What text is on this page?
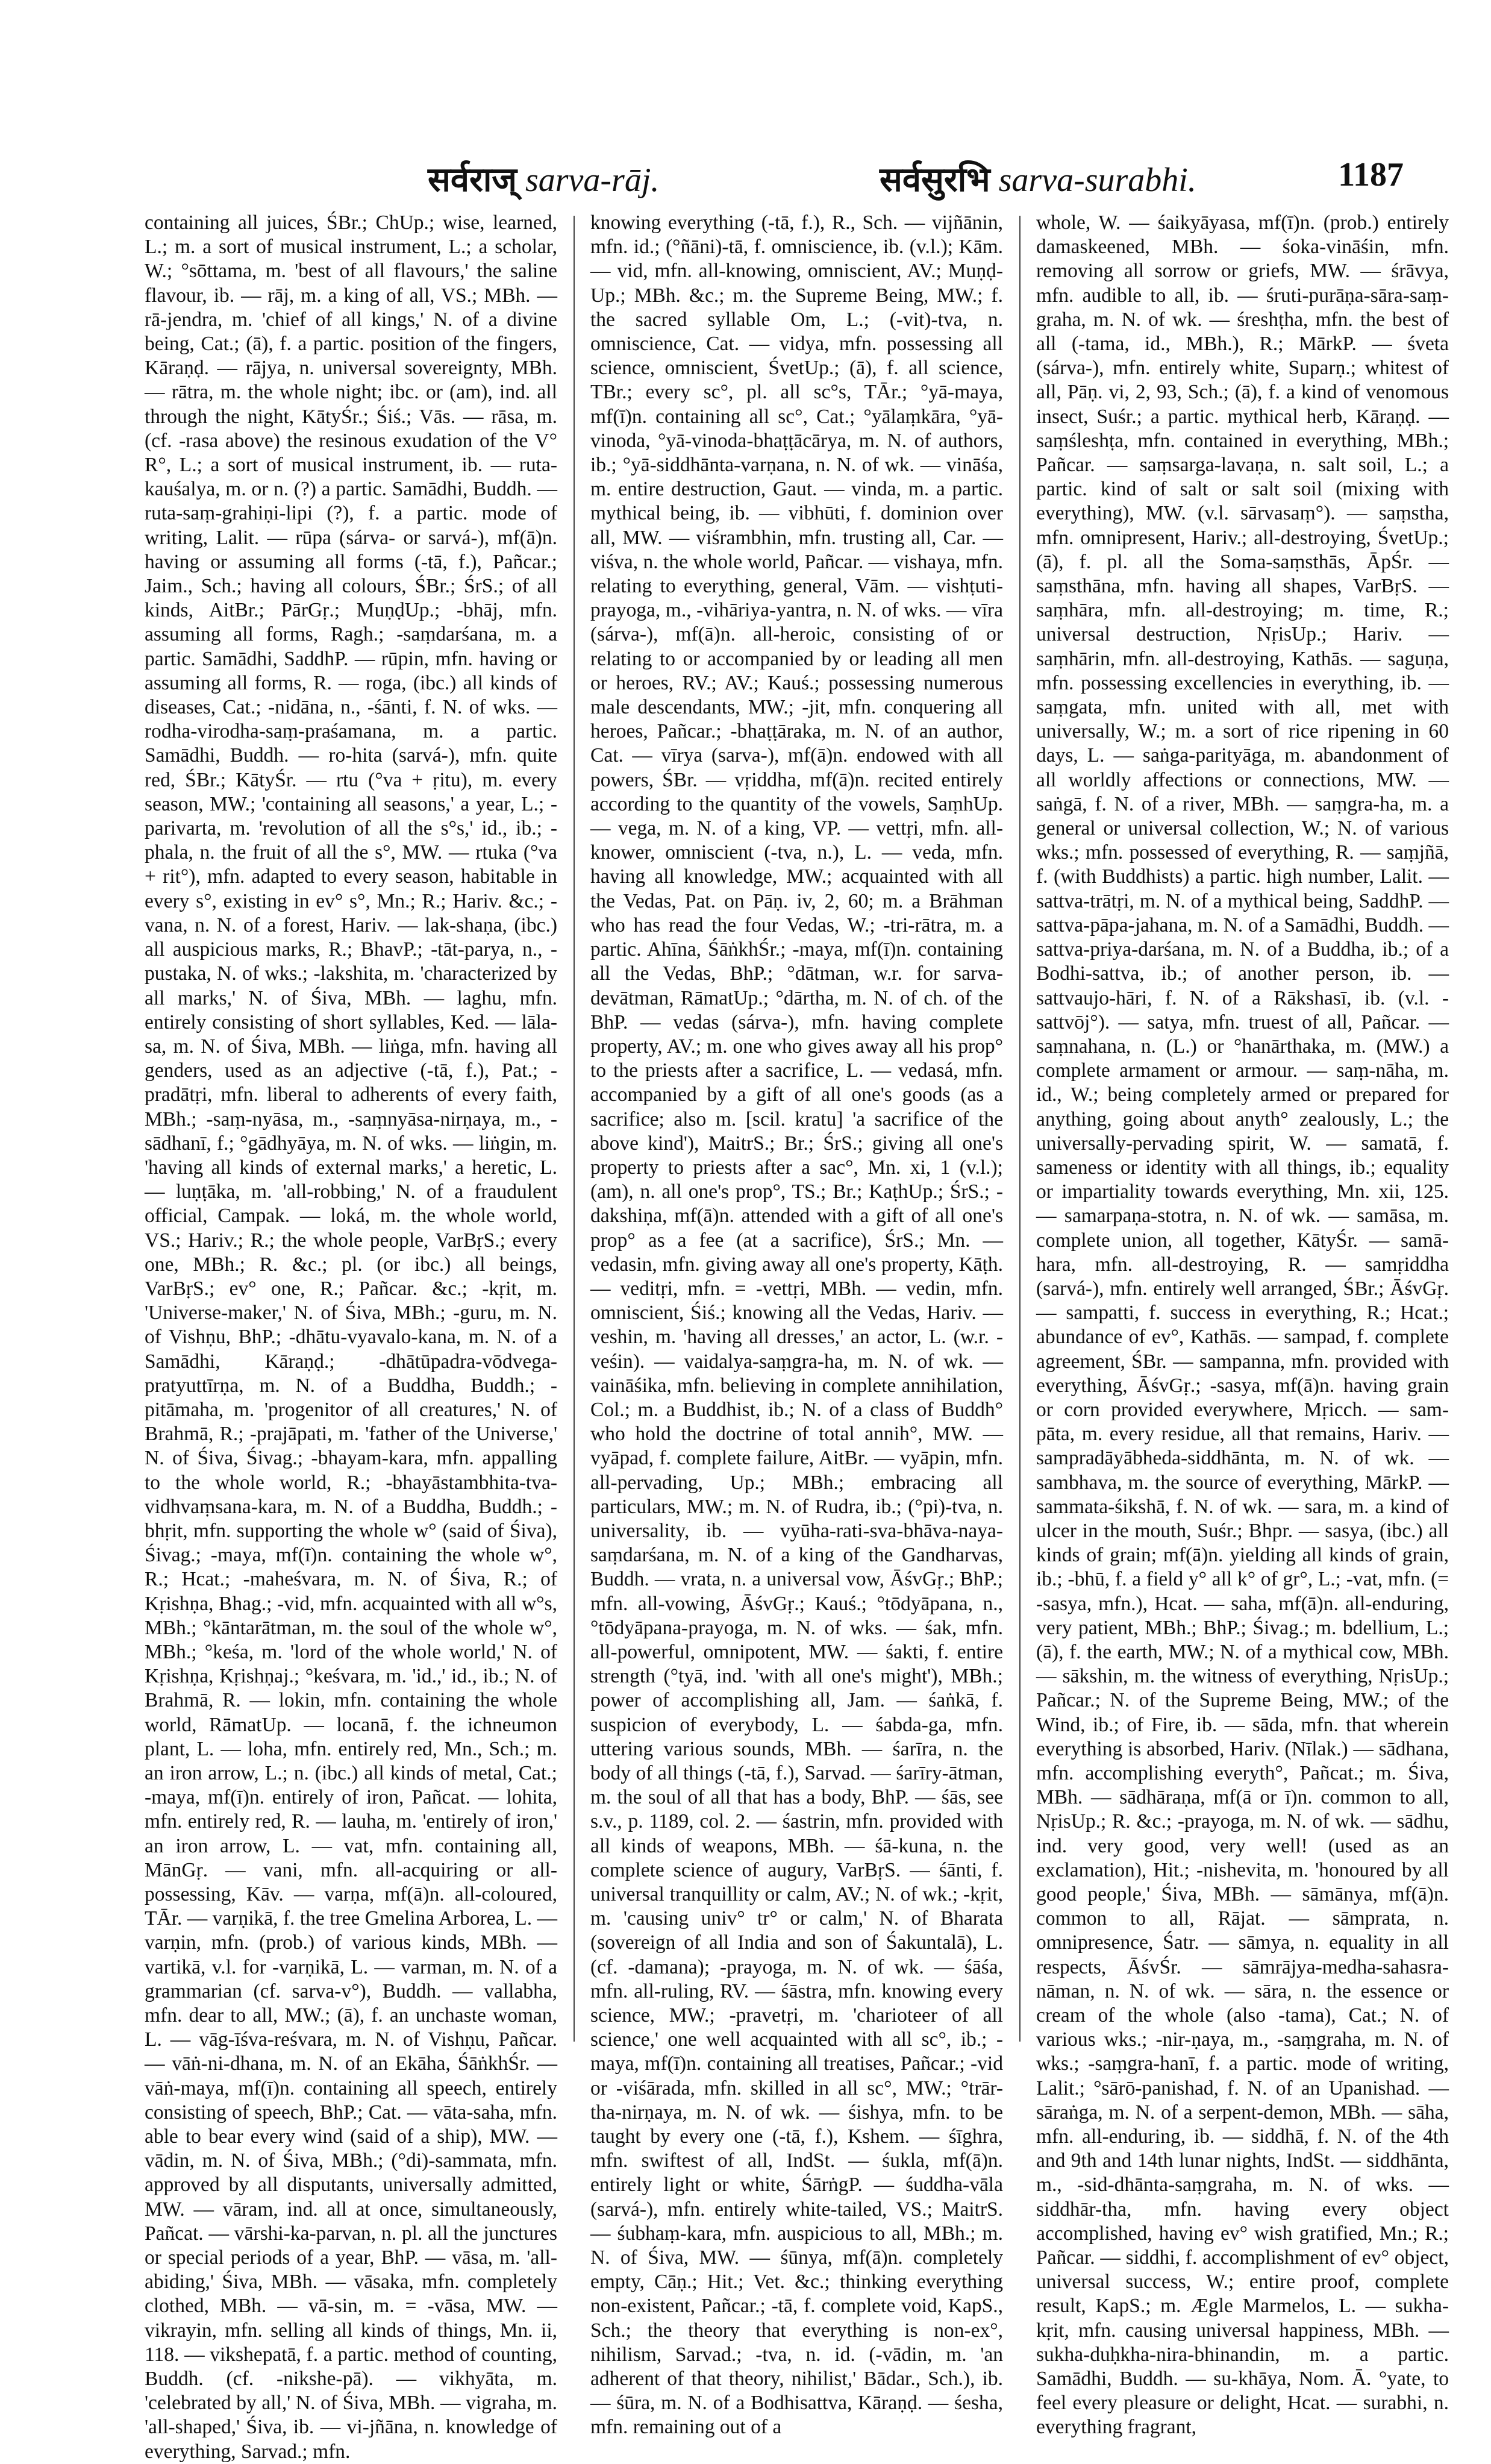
सर्वराज् sarva-rāj.	सर्वसुरभि sarva-surabhi.	1187

containing all juices, ŚBr.; ChUp.; wise, learned, L.; m. a sort of musical instrument, L.; a scholar, W.; °sōttama, m. 'best of all flavours,' the saline flavour, ib. — rāj, m. a king of all, VS.; MBh. — rā-jendra, m. 'chief of all kings,' N. of a divine being, Cat.; (ā), f. a partic. position of the fingers, Kāraṇḍ. — rājya, n. universal sovereignty, MBh. — rātra, m. the whole night; ibc. or (am), ind. all through the night, KātyŚr.; Śiś.; Vās. — rāsa, m. (cf. -rasa above) the resinous exudation of the V° R°, L.; a sort of musical instrument, ib. — ruta-kauśalya, m. or n. (?) a partic. Samādhi, Buddh. — ruta-saṃ-grahiṇi-lipi (?), f. a partic. mode of writing, Lalit. — rūpa (sárva- or sarvá-), mf(ā)n. having or assuming all forms (-tā, f.), Pañcar.; Jaim., Sch.; having all colours, ŚBr.; ŚrS.; of all kinds, AitBr.; PārGṛ.; MuṇḍUp.; -bhāj, mfn. assuming all forms, Ragh.; -saṃdarśana, m. a partic. Samādhi, SaddhP. — rūpin, mfn. having or assuming all forms, R. — roga, (ibc.) all kinds of diseases, Cat.; -nidāna, n., -śānti, f. N. of wks. — rodha-virodha-saṃ-praśamana, m. a partic. Samādhi, Buddh. — ro-hita (sarvá-), mfn. quite red, ŚBr.; KātyŚr. — rtu (°va + ṛitu), m. every season, MW.; 'containing all seasons,' a year, L.; -parivarta, m. 'revolution of all the s°s,' id., ib.; -phala, n. the fruit of all the s°, MW. — rtuka (°va + rit°), mfn. adapted to every season, habitable in every s°, existing in ev° s°, Mn.; R.; Hariv. &c.; -vana, n. N. of a forest, Hariv. — lak-shaṇa, (ibc.) all auspicious marks, R.; BhavP.; -tāt-parya, n., -pustaka, N. of wks.; -lakshita, m. 'characterized by all marks,' N. of Śiva, MBh. — laghu, mfn. entirely consisting of short syllables, Ked. — lāla-sa, m. N. of Śiva, MBh. — liṅga, mfn. having all genders, used as an adjective (-tā, f.), Pat.; -pradātṛi, mfn. liberal to adherents of every faith, MBh.; -saṃ-nyāsa, m., -saṃnyāsa-nirṇaya, m., -sādhanī, f.; °gādhyāya, m. N. of wks. — liṅgin, m. 'having all kinds of external marks,' a heretic, L. — luṇṭāka, m. 'all-robbing,' N. of a fraudulent official, Campak. — loká, m. the whole world, VS.; Hariv.; R.; the whole people, VarBṛS.; every one, MBh.; R. &c.; pl. (or ibc.) all beings, VarBṛS.; ev° one, R.; Pañcar. &c.; -kṛit, m. 'Universe-maker,' N. of Śiva, MBh.; -guru, m. N. of Vishṇu, BhP.; -dhātu-vyavalo-kana, m. N. of a Samādhi, Kāraṇḍ.; -dhātūpadra-vōdvega-pratyuttīrṇa, m. N. of a Buddha, Buddh.; -pitāmaha, m. 'progenitor of all creatures,' N. of Brahmā, R.; -prajāpati, m. 'father of the Universe,' N. of Śiva, Śivag.; -bhayam-kara, mfn. appalling to the whole world, R.; -bhayāstambhita-tva-vidhvaṃsana-kara, m. N. of a Buddha, Buddh.; -bhṛit, mfn. supporting the whole w° (said of Śiva), Śivag.; -maya, mf(ī)n. containing the whole w°, R.; Hcat.; -maheśvara, m. N. of Śiva, R.; of Kṛishṇa, Bhag.; -vid, mfn. acquainted with all w°s, MBh.; °kāntarātman, m. the soul of the whole w°, MBh.; °keśa, m. 'lord of the whole world,' N. of Kṛishṇa, Kṛishṇaj.; °keśvara, m. 'id.,' id., ib.; N. of Brahmā, R. — lokin, mfn. containing the whole world, RāmatUp. — locanā, f. the ichneumon plant, L. — loha, mfn. entirely red, Mn., Sch.; m. an iron arrow, L.; n. (ibc.) all kinds of metal, Cat.; -maya, mf(ī)n. entirely of iron, Pañcat. — lohita, mfn. entirely red, R. — lauha, m. 'entirely of iron,' an iron arrow, L. — vat, mfn. containing all, MānGṛ. — vani, mfn. all-acquiring or all-possessing, Kāv. — varṇa, mf(ā)n. all-coloured, TĀr. — varṇikā, f. the tree Gmelina Arborea, L. — varṇin, mfn. (prob.) of various kinds, MBh. — vartikā, v.l. for -varṇikā, L. — varman, m. N. of a grammarian (cf. sarva-v°), Buddh. — vallabha, mfn. dear to all, MW.; (ā), f. an unchaste woman, L. — vāg-īśva-reśvara, m. N. of Vishṇu, Pañcar. — vāṅ-ni-dhana, m. N. of an Ekāha, ŚāṅkhŚr. — vāṅ-maya, mf(ī)n. containing all speech, entirely consisting of speech, BhP.; Cat. — vāta-saha, mfn. able to bear every wind (said of a ship), MW. — vādin, m. N. of Śiva, MBh.; (°di)-sammata, mfn. approved by all disputants, universally admitted, MW. — vāram, ind. all at once, simultaneously, Pañcat. — vārshi-ka-parvan, n. pl. all the junctures or special periods of a year, BhP. — vāsa, m. 'all-abiding,' Śiva, MBh. — vāsaka, mfn. completely clothed, MBh. — vā-sin, m. = -vāsa, MW. — vikrayin, mfn. selling all kinds of things, Mn. ii, 118. — vikshepatā, f. a partic. method of counting, Buddh. (cf. -nikshe-pā). — vikhyāta, m. 'celebrated by all,' N. of Śiva, MBh. — vigraha, m. 'all-shaped,' Śiva, ib. — vi-jñāna, n. knowledge of everything, Sarvad.; mfn.

knowing everything (-tā, f.), R., Sch. — vijñānin, mfn. id.; (°ñāni)-tā, f. omniscience, ib. (v.l.); Kām. — vid, mfn. all-knowing, omniscient, AV.; Muṇḍ-Up.; MBh. &c.; m. the Supreme Being, MW.; f. the sacred syllable Om, L.; (-vit)-tva, n. omniscience, Cat. — vidya, mfn. possessing all science, omniscient, ŚvetUp.; (ā), f. all science, TBr.; every sc°, pl. all sc°s, TĀr.; °yā-maya, mf(ī)n. containing all sc°, Cat.; °yālaṃkāra, °yā-vinoda, °yā-vinoda-bhaṭṭācārya, m. N. of authors, ib.; °yā-siddhānta-varṇana, n. N. of wk. — vināśa, m. entire destruction, Gaut. — vinda, m. a partic. mythical being, ib. — vibhūti, f. dominion over all, MW. — viśrambhin, mfn. trusting all, Car. — viśva, n. the whole world, Pañcar. — vishaya, mfn. relating to everything, general, Vām. — vishṭuti-prayoga, m., -vihāriya-yantra, n. N. of wks. — vīra (sárva-), mf(ā)n. all-heroic, consisting of or relating to or accompanied by or leading all men or heroes, RV.; AV.; Kauś.; possessing numerous male descendants, MW.; -jit, mfn. conquering all heroes, Pañcar.; -bhaṭṭāraka, m. N. of an author, Cat. — vīrya (sarva-), mf(ā)n. endowed with all powers, ŚBr. — vṛiddha, mf(ā)n. recited entirely according to the quantity of the vowels, SaṃhUp. — vega, m. N. of a king, VP. — vettṛi, mfn. all-knower, omniscient (-tva, n.), L. — veda, mfn. having all knowledge, MW.; acquainted with all the Vedas, Pat. on Pāṇ. iv, 2, 60; m. a Brāhman who has read the four Vedas, W.; -tri-rātra, m. a partic. Ahīna, ŚāṅkhŚr.; -maya, mf(ī)n. containing all the Vedas, BhP.; °dātman, w.r. for sarva-devātman, RāmatUp.; °dārtha, m. N. of ch. of the BhP. — vedas (sárva-), mfn. having complete property, AV.; m. one who gives away all his prop° to the priests after a sacrifice, L. — vedasá, mfn. accompanied by a gift of all one's goods (as a sacrifice; also m. [scil. kratu] 'a sacrifice of the above kind'), MaitrS.; Br.; ŚrS.; giving all one's property to priests after a sac°, Mn. xi, 1 (v.l.); (am), n. all one's prop°, TS.; Br.; KaṭhUp.; ŚrS.; -dakshiṇa, mf(ā)n. attended with a gift of all one's prop° as a fee (at a sacrifice), ŚrS.; Mn. — vedasin, mfn. giving away all one's property, Kāṭh. — veditṛi, mfn. = -vettṛi, MBh. — vedin, mfn. omniscient, Śiś.; knowing all the Vedas, Hariv. — veshin, m. 'having all dresses,' an actor, L. (w.r. -veśin). — vaidalya-saṃgra-ha, m. N. of wk. — vaināśika, mfn. believing in complete annihilation, Col.; m. a Buddhist, ib.; N. of a class of Buddh° who hold the doctrine of total annih°, MW. — vyāpad, f. complete failure, AitBr. — vyāpin, mfn. all-pervading, Up.; MBh.; embracing all particulars, MW.; m. N. of Rudra, ib.; (°pi)-tva, n. universality, ib. — vyūha-rati-sva-bhāva-naya-saṃdarśana, m. N. of a king of the Gandharvas, Buddh. — vrata, n. a universal vow, ĀśvGṛ.; BhP.; mfn. all-vowing, ĀśvGṛ.; Kauś.; °tōdyāpana, n., °tōdyāpana-prayoga, m. N. of wks. — śak, mfn. all-powerful, omnipotent, MW. — śakti, f. entire strength (°tyā, ind. 'with all one's might'), MBh.; power of accomplishing all, Jam. — śaṅkā, f. suspicion of everybody, L. — śabda-ga, mfn. uttering various sounds, MBh. — śarīra, n. the body of all things (-tā, f.), Sarvad. — śarīry-ātman, m. the soul of all that has a body, BhP. — śās, see s.v., p. 1189, col. 2. — śastrin, mfn. provided with all kinds of weapons, MBh. — śā-kuna, n. the complete science of augury, VarBṛS. — śānti, f. universal tranquillity or calm, AV.; N. of wk.; -kṛit, m. 'causing univ° tr° or calm,' N. of Bharata (sovereign of all India and son of Śakuntalā), L. (cf. -damana); -prayoga, m. N. of wk. — śāśa, mfn. all-ruling, RV. — śāstra, mfn. knowing every science, MW.; -pravetṛi, m. 'charioteer of all science,' one well acquainted with all sc°, ib.; -maya, mf(ī)n. containing all treatises, Pañcar.; -vid or -viśārada, mfn. skilled in all sc°, MW.; °trār-tha-nirṇaya, m. N. of wk. — śishya, mfn. to be taught by every one (-tā, f.), Kshem. — śīghra, mfn. swiftest of all, IndSt. — śukla, mf(ā)n. entirely light or white, ŚārṅgP. — śuddha-vāla (sarvá-), mfn. entirely white-tailed, VS.; MaitrS. — śubhaṃ-kara, mfn. auspicious to all, MBh.; m. N. of Śiva, MW. — śūnya, mf(ā)n. completely empty, Cāṇ.; Hit.; Vet. &c.; thinking everything non-existent, Pañcar.; -tā, f. complete void, KapS., Sch.; the theory that everything is non-ex°, nihilism, Sarvad.; -tva, n. id. (-vādin, m. 'an adherent of that theory, nihilist,' Bādar., Sch.), ib. — śūra, m. N. of a Bodhisattva, Kāraṇḍ. — śesha, mfn. remaining out of a

whole, W. — śaikyāyasa, mf(ī)n. (prob.) entirely damaskeened, MBh. — śoka-vināśin, mfn. removing all sorrow or griefs, MW. — śrāvya, mfn. audible to all, ib. — śruti-purāṇa-sāra-saṃ-graha, m. N. of wk. — śreshṭha, mfn. the best of all (-tama, id., MBh.), R.; MārkP. — śveta (sárva-), mfn. entirely white, Suparṇ.; whitest of all, Pāṇ. vi, 2, 93, Sch.; (ā), f. a kind of venomous insect, Suśr.; a partic. mythical herb, Kāraṇḍ. — saṃśleshṭa, mfn. contained in everything, MBh.; Pañcar. — saṃsarga-lavaṇa, n. salt soil, L.; a partic. kind of salt or salt soil (mixing with everything), MW. (v.l. sārvasaṃ°). — saṃstha, mfn. omnipresent, Hariv.; all-destroying, ŚvetUp.; (ā), f. pl. all the Soma-saṃsthās, ĀpŚr. — saṃsthāna, mfn. having all shapes, VarBṛS. — saṃhāra, mfn. all-destroying; m. time, R.; universal destruction, NṛisUp.; Hariv. — saṃhārin, mfn. all-destroying, Kathās. — saguṇa, mfn. possessing excellencies in everything, ib. — saṃgata, mfn. united with all, met with universally, W.; m. a sort of rice ripening in 60 days, L. — saṅga-parityāga, m. abandonment of all worldly affections or connections, MW. — saṅgā, f. N. of a river, MBh. — saṃgra-ha, m. a general or universal collection, W.; N. of various wks.; mfn. possessed of everything, R. — saṃjñā, f. (with Buddhists) a partic. high number, Lalit. — sattva-trātṛi, m. N. of a mythical being, SaddhP. — sattva-pāpa-jahana, m. N. of a Samādhi, Buddh. — sattva-priya-darśana, m. N. of a Buddha, ib.; of a Bodhi-sattva, ib.; of another person, ib. — sattvaujo-hāri, f. N. of a Rākshasī, ib. (v.l. -sattvōj°). — satya, mfn. truest of all, Pañcar. — saṃnahana, n. (L.) or °hanārthaka, m. (MW.) a complete armament or armour. — saṃ-nāha, m. id., W.; being completely armed or prepared for anything, going about anyth° zealously, L.; the universally-pervading spirit, W. — samatā, f. sameness or identity with all things, ib.; equality or impartiality towards everything, Mn. xii, 125. — samarpaṇa-stotra, n. N. of wk. — samāsa, m. complete union, all together, KātyŚr. — samā-hara, mfn. all-destroying, R. — samṛiddha (sarvá-), mfn. entirely well arranged, ŚBr.; ĀśvGṛ. — sampatti, f. success in everything, R.; Hcat.; abundance of ev°, Kathās. — sampad, f. complete agreement, ŚBr. — sampanna, mfn. provided with everything, ĀśvGṛ.; -sasya, mf(ā)n. having grain or corn provided everywhere, Mṛicch. — sam-pāta, m. every residue, all that remains, Hariv. — sampradāyābheda-siddhānta, m. N. of wk. — sambhava, m. the source of everything, MārkP. — sammata-śikshā, f. N. of wk. — sara, m. a kind of ulcer in the mouth, Suśr.; Bhpr. — sasya, (ibc.) all kinds of grain; mf(ā)n. yielding all kinds of grain, ib.; -bhū, f. a field y° all k° of gr°, L.; -vat, mfn. (= -sasya, mfn.), Hcat. — saha, mf(ā)n. all-enduring, very patient, MBh.; BhP.; Śivag.; m. bdellium, L.; (ā), f. the earth, MW.; N. of a mythical cow, MBh. — sākshin, m. the witness of everything, NṛisUp.; Pañcar.; N. of the Supreme Being, MW.; of the Wind, ib.; of Fire, ib. — sāda, mfn. that wherein everything is absorbed, Hariv. (Nīlak.) — sādhana, mfn. accomplishing everyth°, Pañcat.; m. Śiva, MBh. — sādhāraṇa, mf(ā or ī)n. common to all, NṛisUp.; R. &c.; -prayoga, m. N. of wk. — sādhu, ind. very good, very well! (used as an exclamation), Hit.; -nishevita, m. 'honoured by all good people,' Śiva, MBh. — sāmānya, mf(ā)n. common to all, Rājat. — sāmprata, n. omnipresence, Śatr. — sāmya, n. equality in all respects, ĀśvŚr. — sāmrājya-medha-sahasra-nāman, n. N. of wk. — sāra, n. the essence or cream of the whole (also -tama), Cat.; N. of various wks.; -nir-ṇaya, m., -saṃgraha, m. N. of wks.; -saṃgra-hanī, f. a partic. mode of writing, Lalit.; °sārō-panishad, f. N. of an Upanishad. — sāraṅga, m. N. of a serpent-demon, MBh. — sāha, mfn. all-enduring, ib. — siddhā, f. N. of the 4th and 9th and 14th lunar nights, IndSt. — siddhānta, m., -sid-dhānta-saṃgraha, m. N. of wks. — siddhār-tha, mfn. having every object accomplished, having ev° wish gratified, Mn.; R.; Pañcar. — siddhi, f. accomplishment of ev° object, universal success, W.; entire proof, complete result, KapS.; m. Ægle Marmelos, L. — sukha-kṛit, mfn. causing universal happiness, MBh. — sukha-duḥkha-nira-bhinandin, m. a partic. Samādhi, Buddh. — su-khāya, Nom. Ā. °yate, to feel every pleasure or delight, Hcat. — surabhi, n. everything fragrant,
